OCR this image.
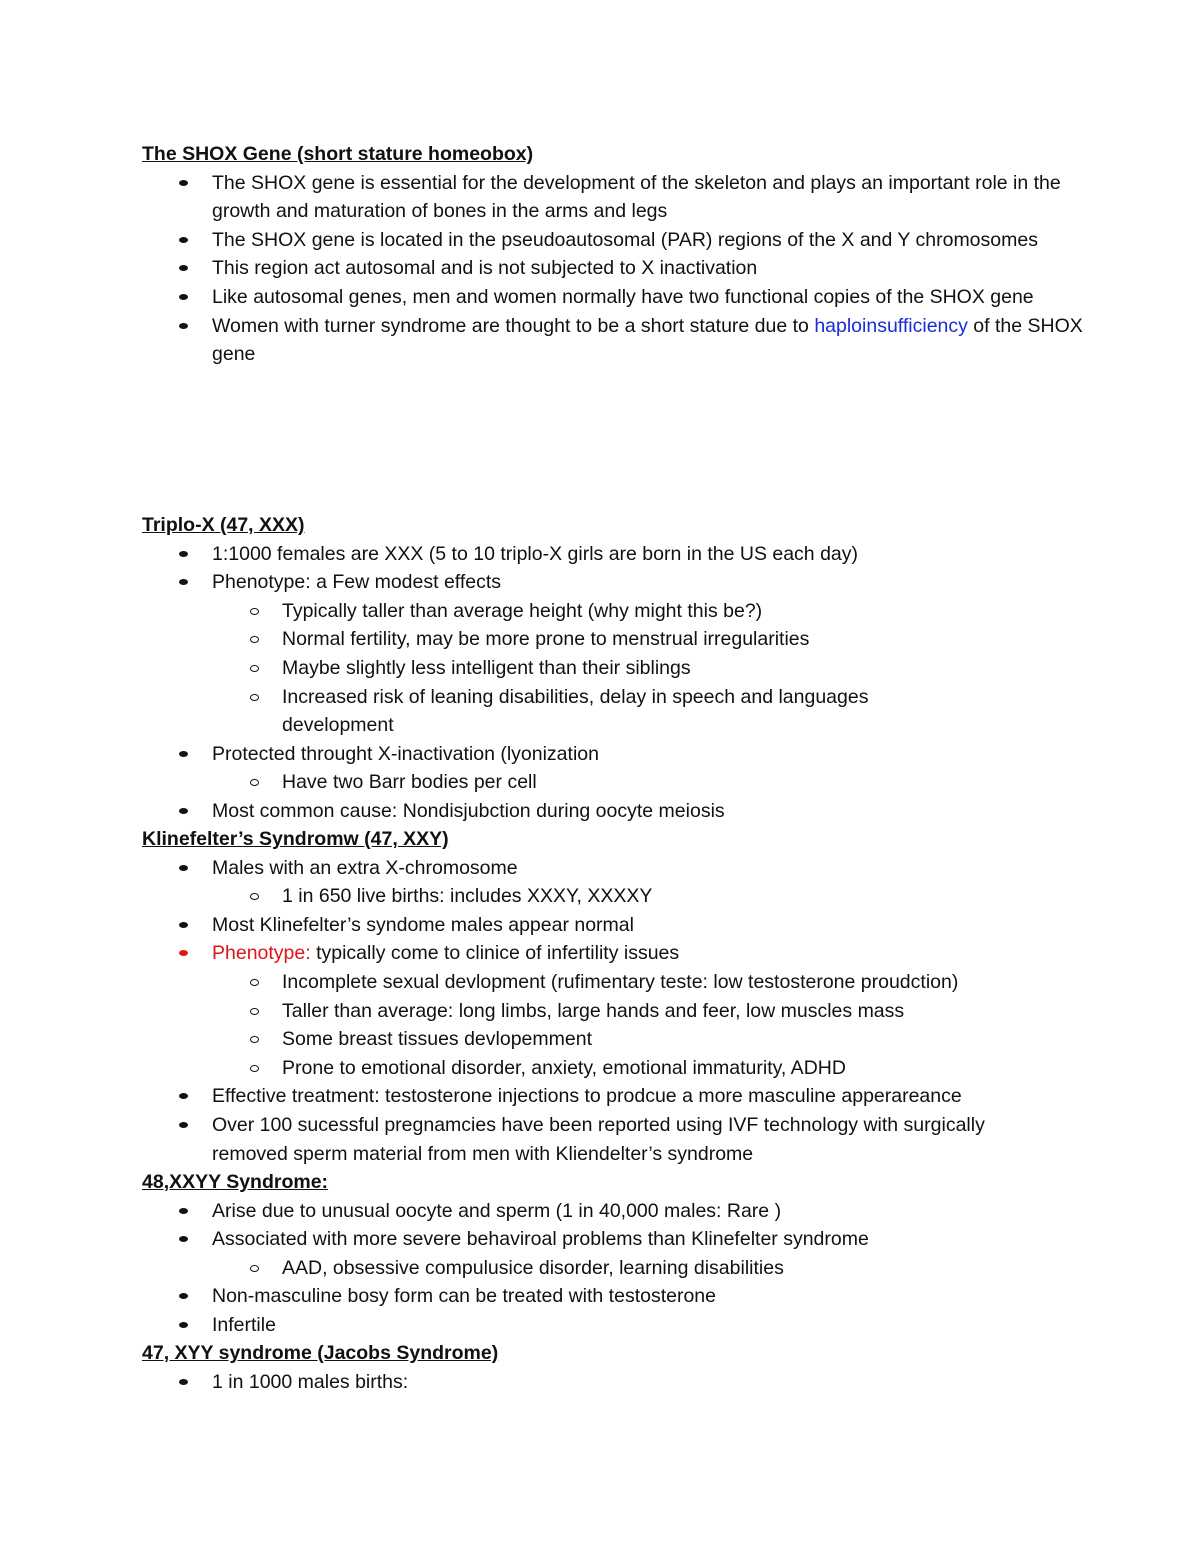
The SHOX Gene (short stature homeobox)
The SHOX gene is essential for the development of the skeleton and plays an important role in the growth and maturation of bones in the arms and legs
The SHOX gene is located in the pseudoautosomal (PAR) regions of the X and Y chromosomes
This region act autosomal and is not subjected to X inactivation
Like autosomal genes, men and women normally have two functional copies of the SHOX gene
Women with turner syndrome are thought to be a short stature due to haploinsufficiency of the SHOX gene
Triplo-X (47, XXX)
1:1000 females are XXX (5 to 10 triplo-X girls are born in the US each day)
Phenotype: a Few modest effects
Typically taller than average height (why might this be?)
Normal fertility, may be more prone to menstrual irregularities
Maybe slightly less intelligent than their siblings
Increased risk of leaning disabilities, delay in speech and languages development
Protected throught X-inactivation (lyonization
Have two Barr bodies per cell
Most common cause: Nondisjubction during oocyte meiosis
Klinefelter’s Syndromw (47, XXY)
Males with an extra X-chromosome
1 in 650 live births: includes XXXY, XXXXY
Most Klinefelter’s syndome males appear normal
Phenotype: typically come to clinice of infertility issues
Incomplete sexual devlopment (rufimentary teste: low testosterone proudction)
Taller than average: long limbs, large hands and feer, low muscles mass
Some breast tissues devlopemment
Prone to emotional disorder, anxiety, emotional immaturity, ADHD
Effective treatment: testosterone injections to prodcue a more masculine apperareance
Over 100 sucessful pregnamcies have been reported using IVF technology with surgically removed sperm material from men with Kliendelter’s syndrome
48,XXYY Syndrome:
Arise due to unusual oocyte and sperm (1 in 40,000 males: Rare )
Associated with more severe behaviroal problems than Klinefelter syndrome
AAD, obsessive compulusice disorder, learning disabilities
Non-masculine bosy form can be treated with testosterone
Infertile
47, XYY syndrome (Jacobs Syndrome)
1 in 1000 males births:
